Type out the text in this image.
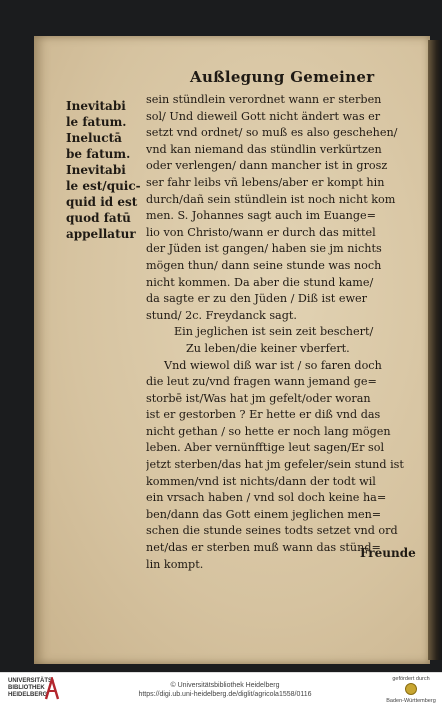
Außlegung Gemeiner
Inevitabi
le fatum.
Ineluctā
be fatum.
Inevitabi
le est/quic-
quid id est
quod fatū
appellatur
sein stündlein verordnet wann er sterben
sol/ Und dieweil Gott nicht ändert was er
setzt vnd ordnet/ so muß es also geschehen/
vnd kan niemand das stündlin verkürtzen
oder verlengen/ dann mancher ist in grosz
ser fahr leibs vñ lebens/aber er kompt hin
durch/dañ sein stündlein ist noch nicht kom
men. S. Johannes sagt auch im Euange=
lio von Christo/wann er durch das mittel
der Jüden ist gangen/ haben sie jm nichts
mögen thun/ dann seine stunde was noch
nicht kommen. Da aber die stund kame/
da sagte er zu den Jüden / Diß ist ewer
stund/ 2c. Freydanck sagt.
Ein jeglichen ist sein zeit beschert/
Zu leben/die keiner vberfert.
Vnd wiewol diß war ist / so faren doch
die leut zu/vnd fragen wann jemand ge=
storbē ist/Was hat jm gefelt/oder woran
ist er gestorben ? Er hette er diß vnd das
nicht gethan / so hette er noch lang mögen
leben. Aber vernünfftige leut sagen/Er sol
jetzt sterben/das hat jm gefeler/sein stund ist
kommen/vnd ist nichts/dann der todt wil
ein vrsach haben / vnd sol doch keine ha=
ben/dann das Gott einem jeglichen men=
schen die stunde seines todts setzet vnd ord
net/das er sterben muß wann das stünd=
lin kompt.
Freunde
UNIVERSITÄTS-
BIBLIOTHEK
HEIDELBERG
© Universitätsbibliothek Heidelberg
https://digi.ub.uni-heidelberg.de/diglit/agricola1558/0116
gefördert durch
Baden-Württemberg
